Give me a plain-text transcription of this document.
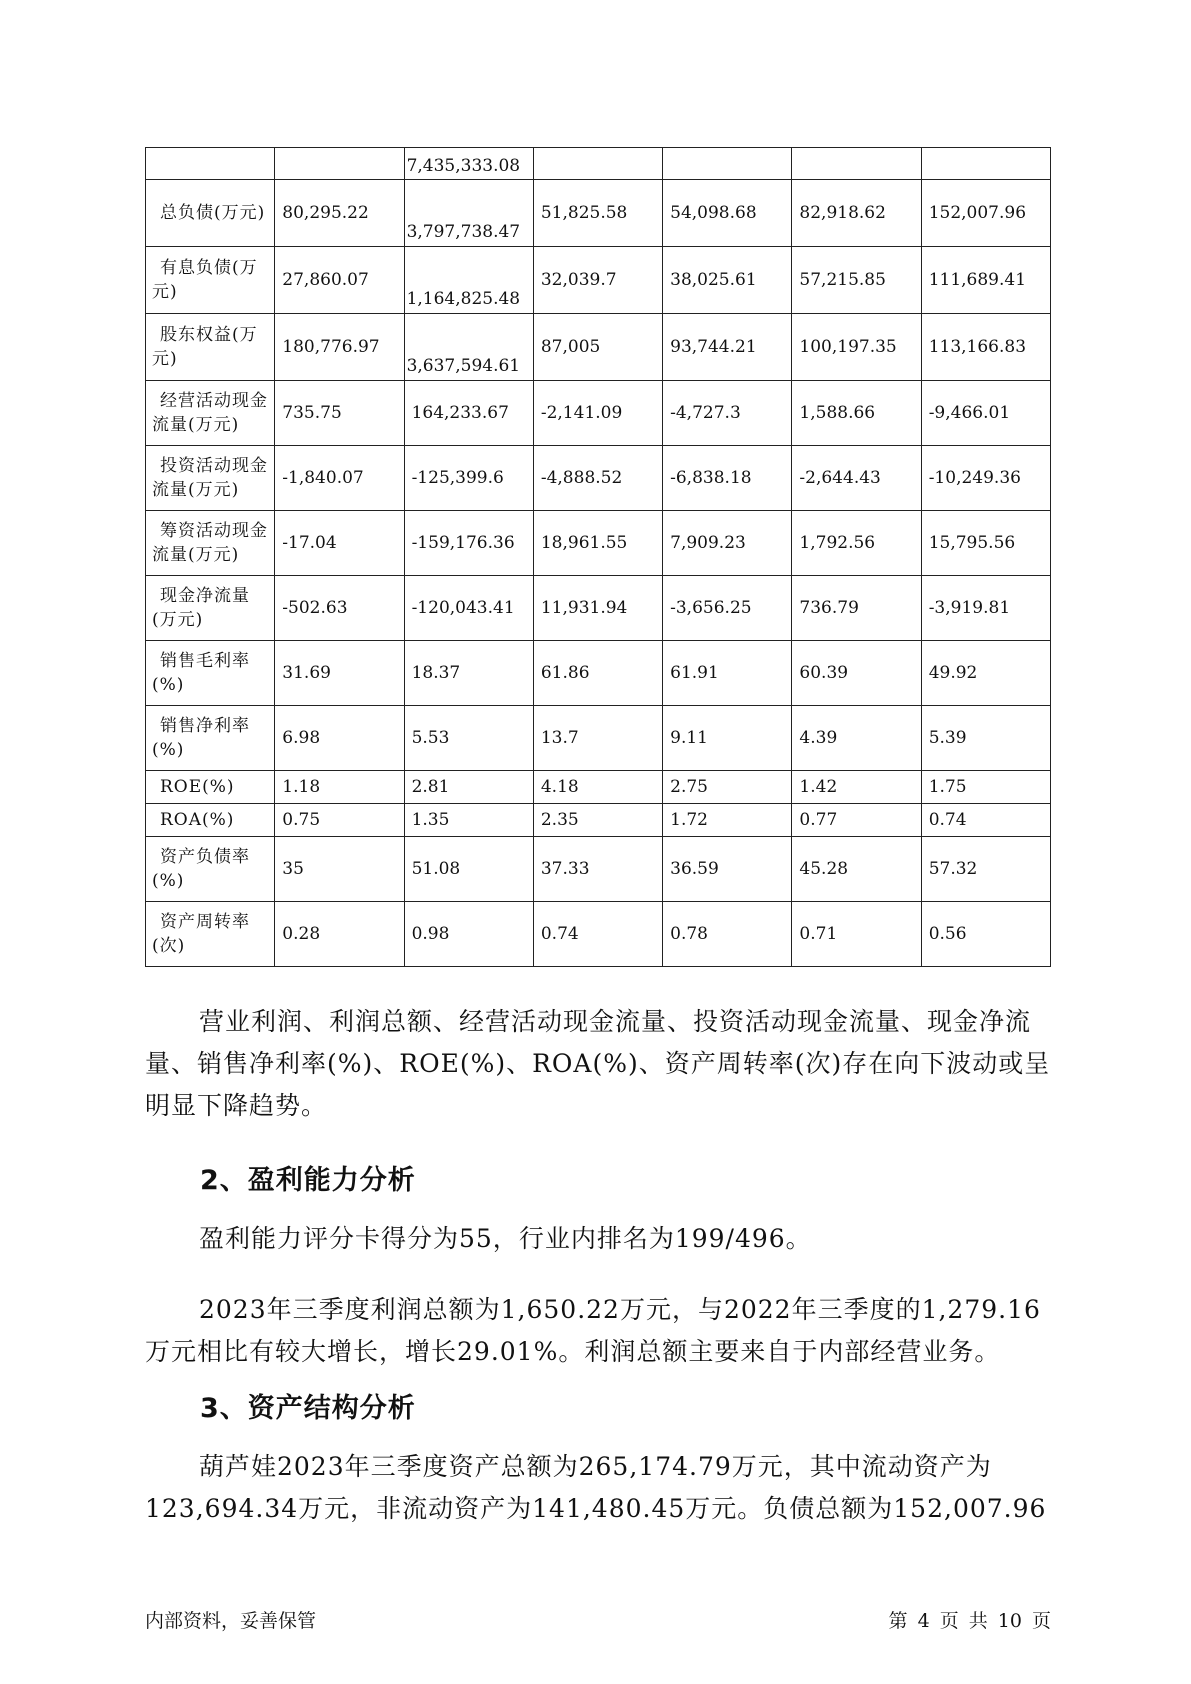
		7,435,333.08				
总负债(万元)	80,295.22	3,797,738.47	51,825.58	54,098.68	82,918.62	152,007.96
有息负债(万元)	27,860.07	1,164,825.48	32,039.7	38,025.61	57,215.85	111,689.41
股东权益(万元)	180,776.97	3,637,594.61	87,005	93,744.21	100,197.35	113,166.83
经营活动现金流量(万元)	735.75	164,233.67	-2,141.09	-4,727.3	1,588.66	-9,466.01
投资活动现金流量(万元)	-1,840.07	-125,399.6	-4,888.52	-6,838.18	-2,644.43	-10,249.36
筹资活动现金流量(万元)	-17.04	-159,176.36	18,961.55	7,909.23	1,792.56	15,795.56
现金净流量(万元)	-502.63	-120,043.41	11,931.94	-3,656.25	736.79	-3,919.81
销售毛利率(%)	31.69	18.37	61.86	61.91	60.39	49.92
销售净利率(%)	6.98	5.53	13.7	9.11	4.39	5.39
ROE(%)	1.18	2.81	4.18	2.75	1.42	1.75
ROA(%)	0.75	1.35	2.35	1.72	0.77	0.74
资产负债率(%)	35	51.08	37.33	36.59	45.28	57.32
资产周转率(次)	0.28	0.98	0.74	0.78	0.71	0.56

营业利润、利润总额、经营活动现金流量、投资活动现金流量、现金净流量、销售净利率(%)、ROE(%)、ROA(%)、资产周转率(次)存在向下波动或呈明显下降趋势。

2、盈利能力分析

盈利能力评分卡得分为55，行业内排名为199/496。

2023年三季度利润总额为1,650.22万元，与2022年三季度的1,279.16万元相比有较大增长，增长29.01%。利润总额主要来自于内部经营业务。

3、资产结构分析

葫芦娃2023年三季度资产总额为265,174.79万元，其中流动资产为123,694.34万元，非流动资产为141,480.45万元。负债总额为152,007.96

内部资料，妥善保管	第 4 页 共 10 页
